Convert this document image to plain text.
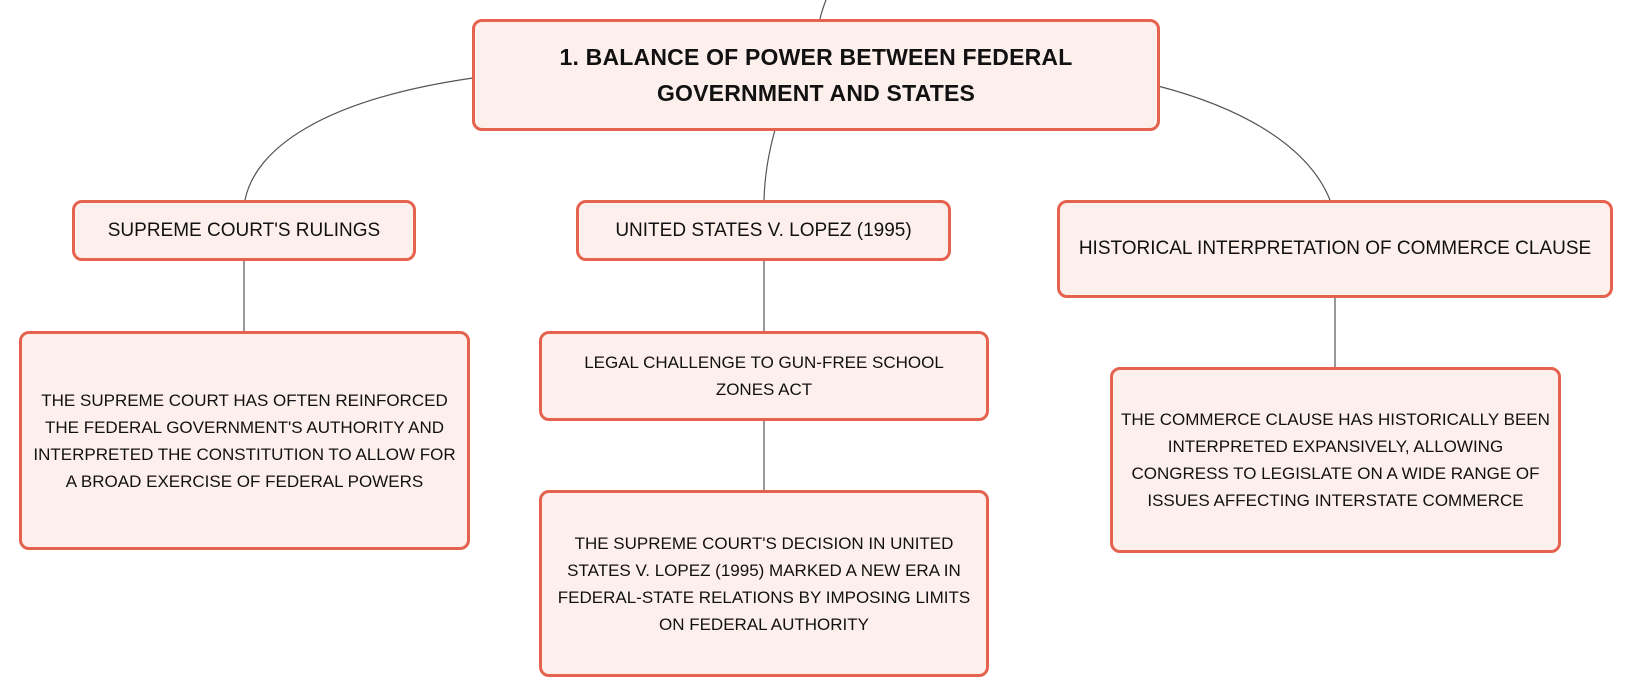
1. BALANCE OF POWER BETWEEN FEDERAL GOVERNMENT AND STATES
SUPREME COURT'S RULINGS	UNITED STATES V. LOPEZ (1995)
HISTORICAL INTERPRETATION OF COMMERCE CLAUSE
THE SUPREME COURT HAS OFTEN REINFORCED THE FEDERAL GOVERNMENT'S AUTHORITY AND INTERPRETED THE CONSTITUTION TO ALLOW FOR A BROAD EXERCISE OF FEDERAL POWERS
LEGAL CHALLENGE TO GUN-FREE SCHOOL ZONES ACT
THE SUPREME COURT'S DECISION IN UNITED STATES V. LOPEZ (1995) MARKED A NEW ERA IN FEDERAL-STATE RELATIONS BY IMPOSING LIMITS ON FEDERAL AUTHORITY
THE COMMERCE CLAUSE HAS HISTORICALLY BEEN INTERPRETED EXPANSIVELY, ALLOWING CONGRESS TO LEGISLATE ON A WIDE RANGE OF ISSUES AFFECTING INTERSTATE COMMERCE
